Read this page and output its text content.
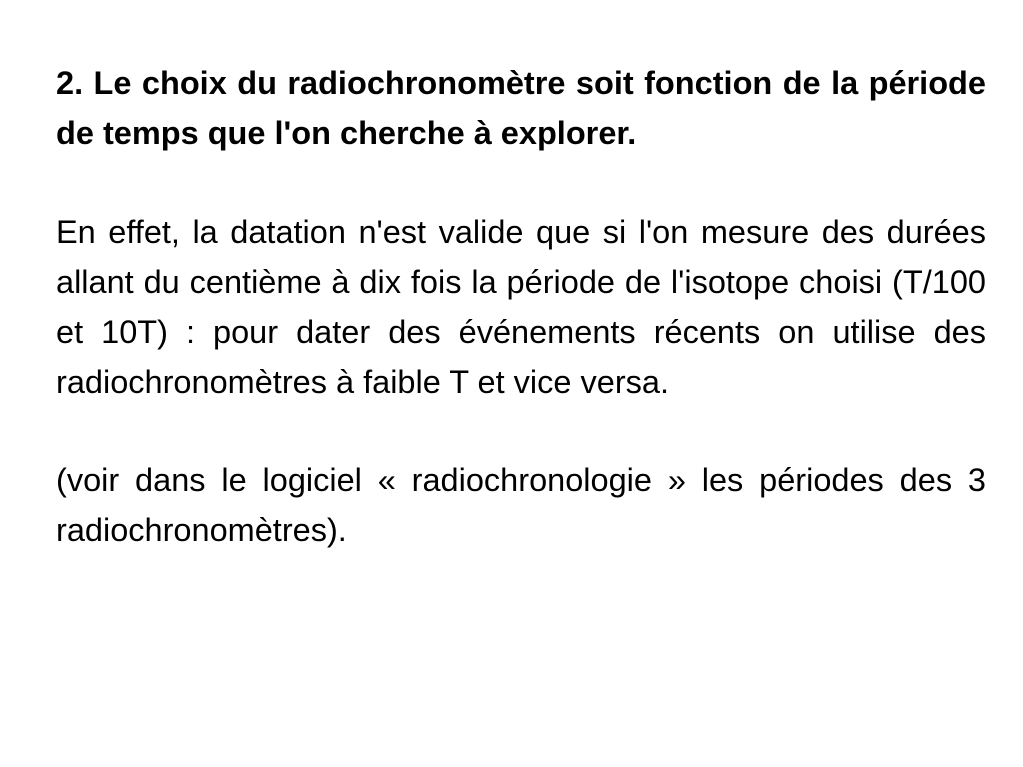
2. Le choix du radiochronomètre soit fonction de la période de temps que l'on cherche à explorer.

En effet, la datation n'est valide que si l'on mesure des durées allant du centième à dix fois la période de l'isotope choisi (T/100 et 10T) : pour dater des événements récents on utilise des radiochronomètres à faible T et vice versa.

(voir dans le logiciel « radiochronologie » les périodes des 3 radiochronomètres).
